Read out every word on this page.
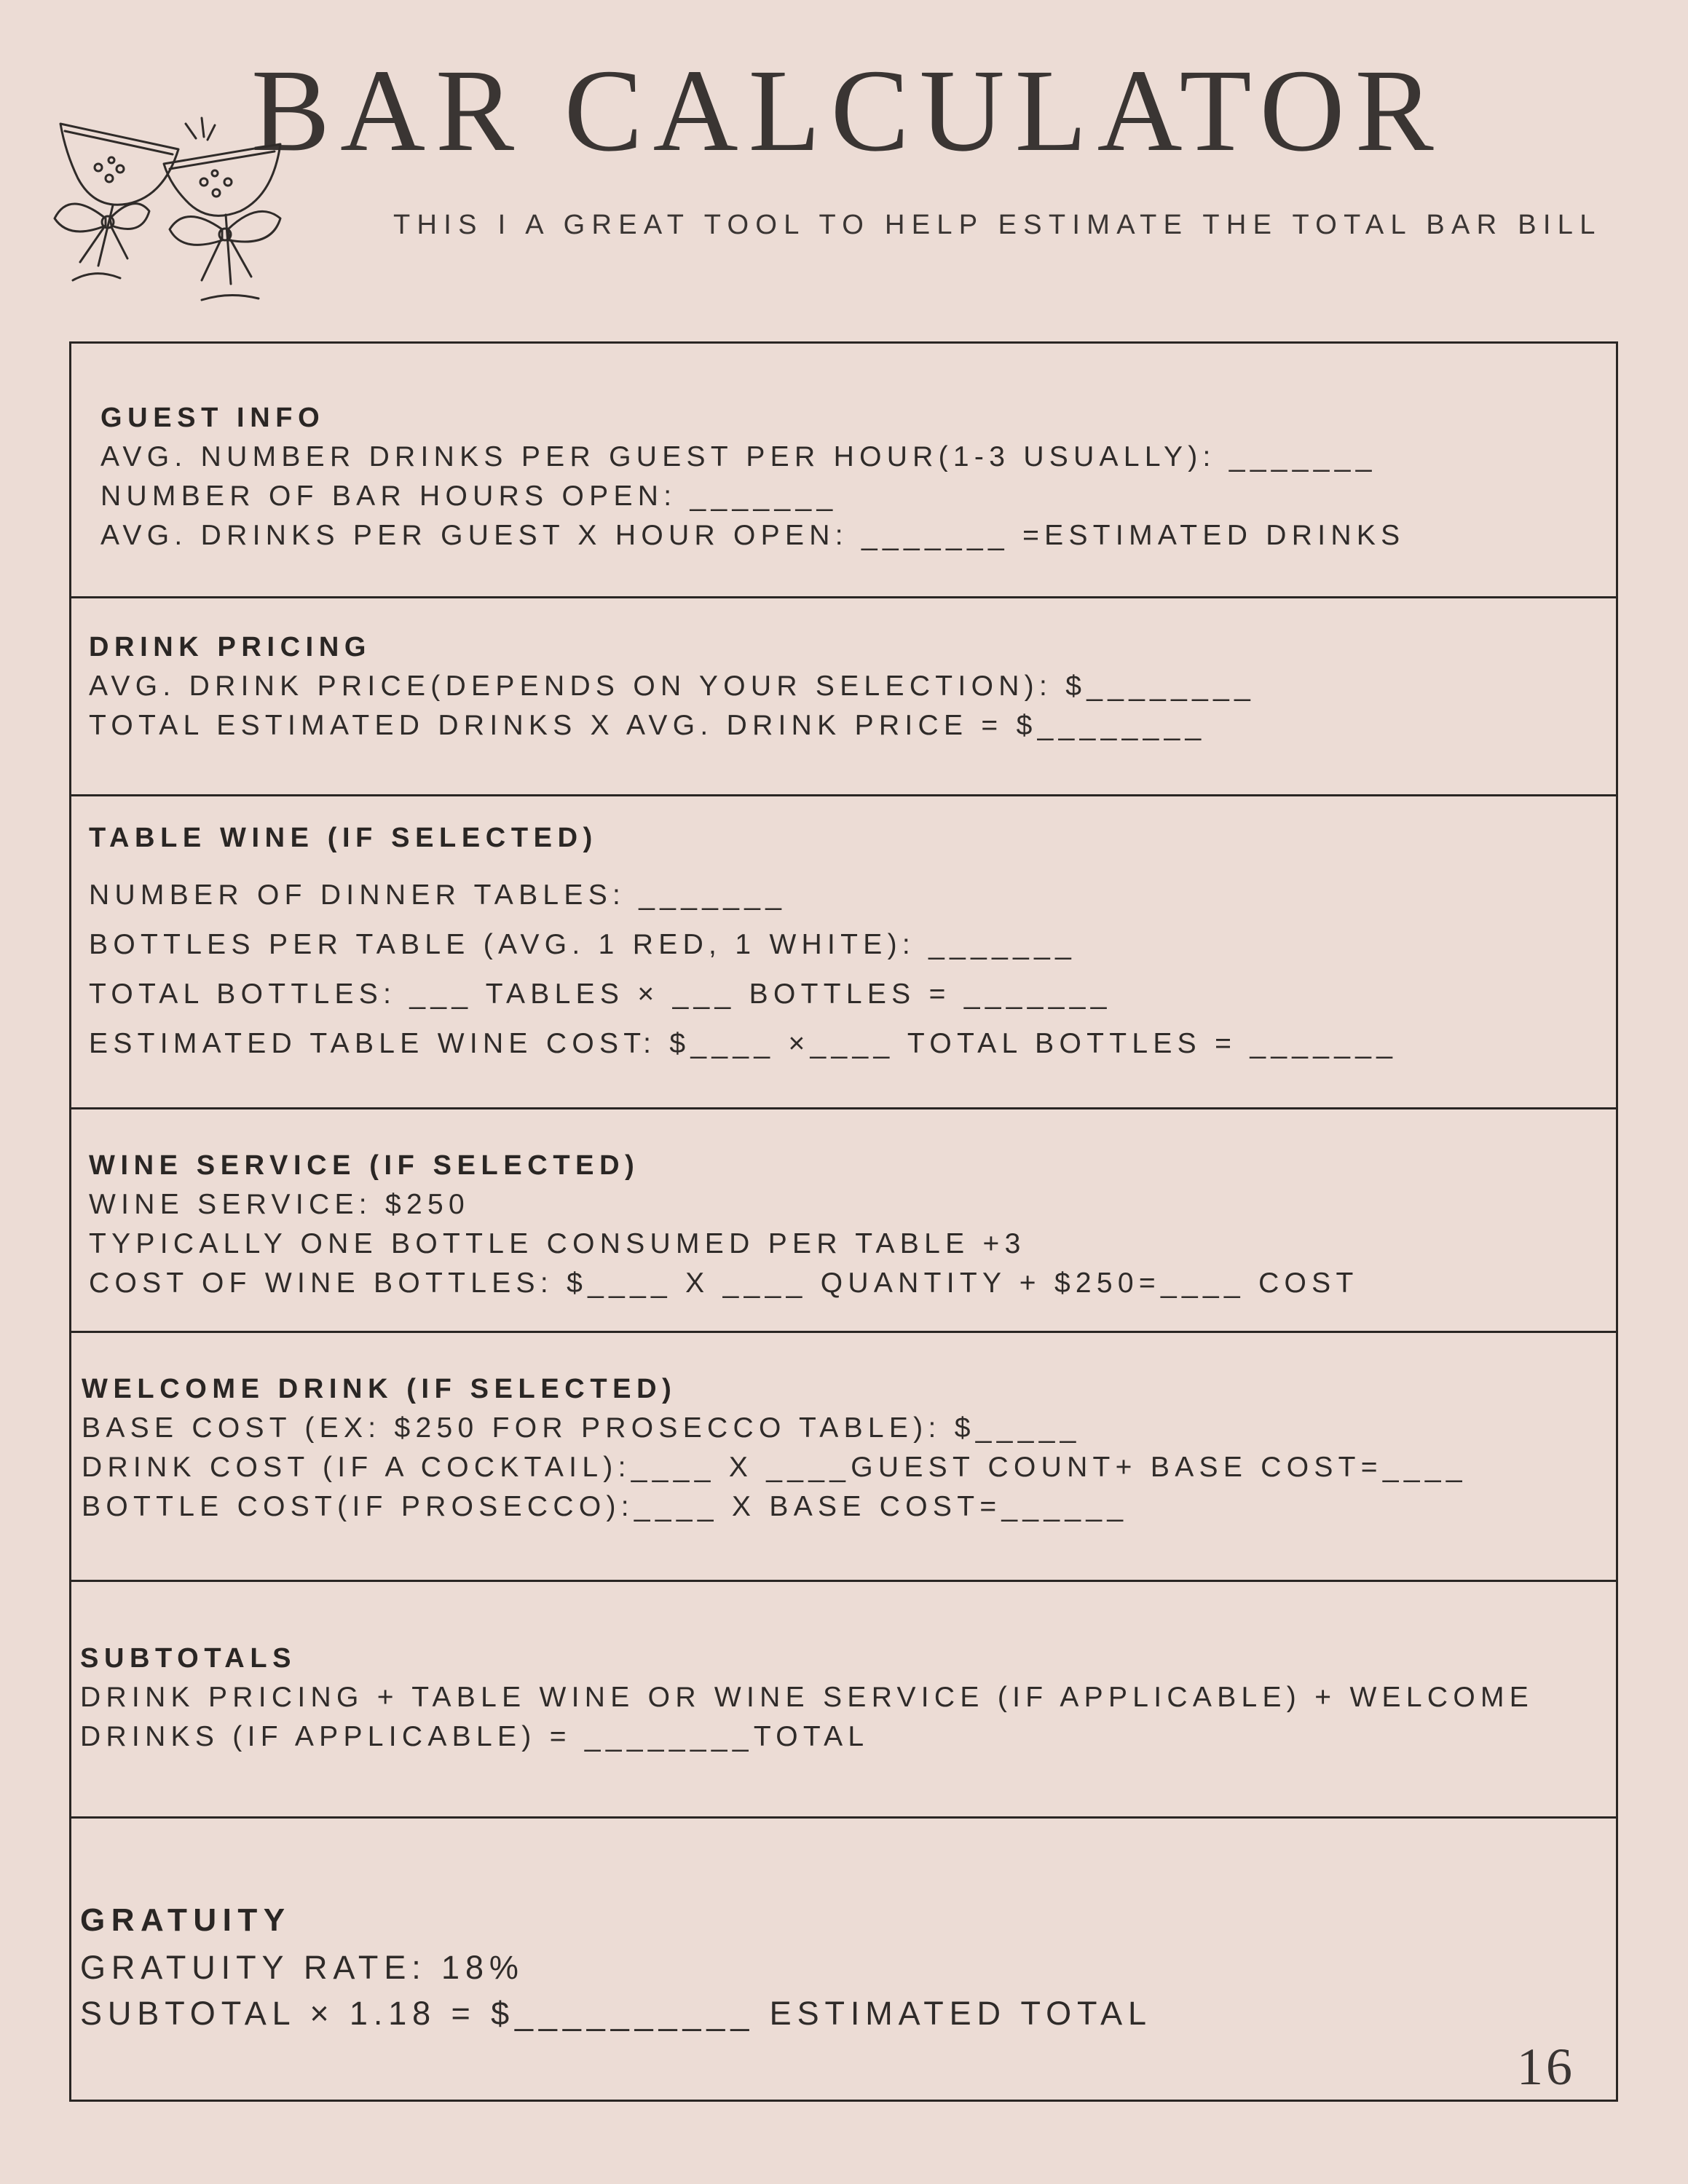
BAR CALCULATOR
THIS I A GREAT TOOL TO HELP ESTIMATE THE TOTAL BAR BILL
GUEST INFO
AVG. NUMBER DRINKS PER GUEST PER HOUR(1-3 USUALLY): _______
NUMBER OF BAR HOURS OPEN: _______
AVG. DRINKS PER GUEST X HOUR OPEN: _______ =ESTIMATED DRINKS
DRINK PRICING
AVG. DRINK PRICE(DEPENDS ON YOUR SELECTION): $________
TOTAL ESTIMATED DRINKS X AVG. DRINK PRICE = $________
TABLE WINE (IF SELECTED)
NUMBER OF DINNER TABLES: _______
BOTTLES PER TABLE (AVG. 1 RED, 1 WHITE): _______
TOTAL BOTTLES: ___ TABLES × ___ BOTTLES = _______
ESTIMATED TABLE WINE COST: $____ ×____ TOTAL BOTTLES = _______
WINE SERVICE (IF SELECTED)
WINE SERVICE: $250
TYPICALLY ONE BOTTLE CONSUMED PER TABLE +3
COST OF WINE BOTTLES: $____ X ____ QUANTITY + $250=____ COST
WELCOME DRINK (IF SELECTED)
BASE COST (EX: $250 FOR PROSECCO TABLE): $_____
DRINK COST (IF A COCKTAIL):____ X ____GUEST COUNT+ BASE COST=____
BOTTLE COST(IF PROSECCO):____ X BASE COST=______
SUBTOTALS
DRINK PRICING + TABLE WINE OR WINE SERVICE (IF APPLICABLE) + WELCOME
DRINKS (IF APPLICABLE) = ________TOTAL
GRATUITY
GRATUITY RATE: 18%
SUBTOTAL × 1.18 = $__________ ESTIMATED TOTAL
16
